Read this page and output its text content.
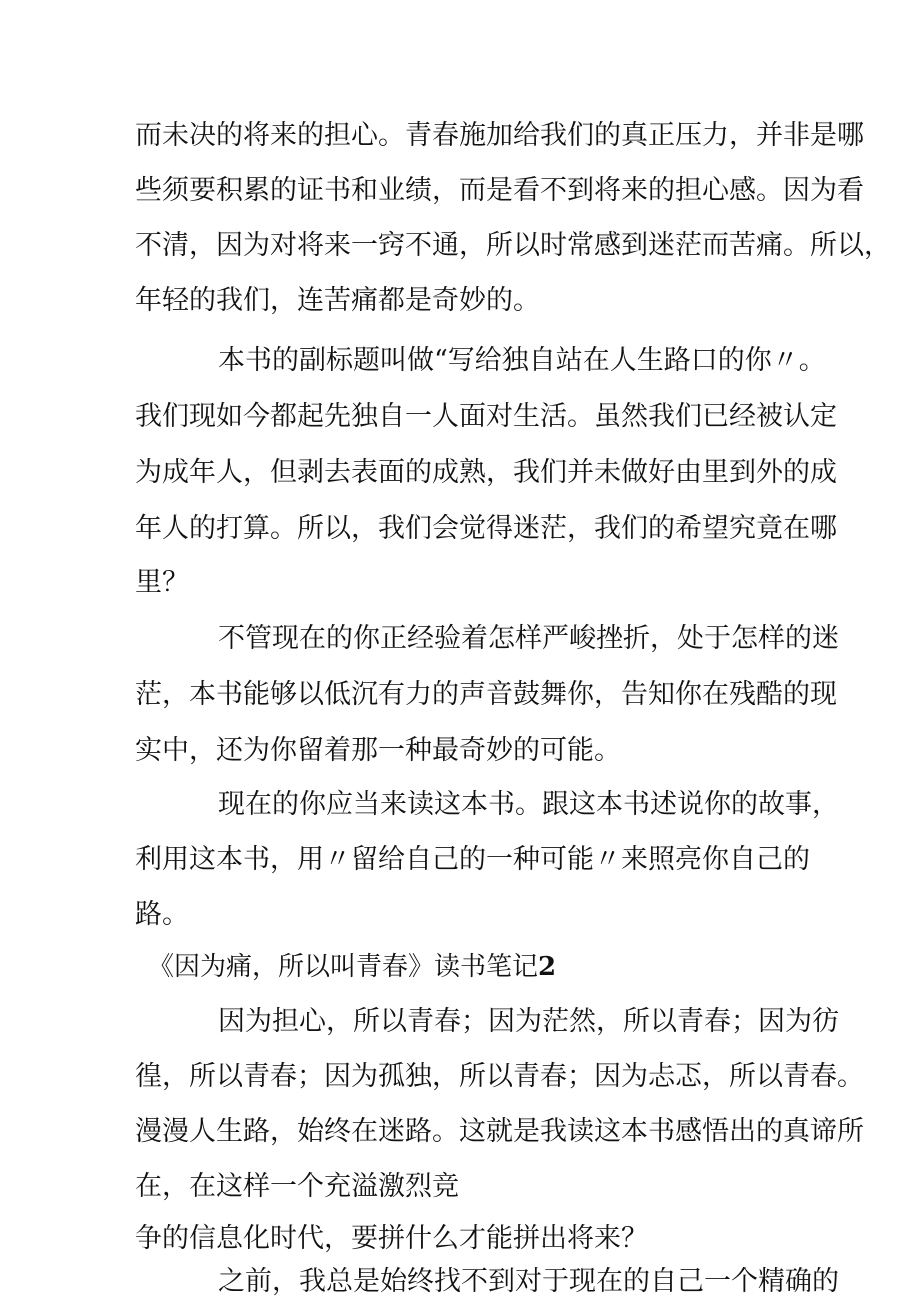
而未决的将来的担心。青春施加给我们的真正压力，并非是哪
些须要积累的证书和业绩，而是看不到将来的担心感。因为看
不清，因为对将来一窍不通，所以时常感到迷茫而苦痛。所以，
年轻的我们，连苦痛都是奇妙的。
本书的副标题叫做“写给独自站在人生路口的你〃。
我们现如今都起先独自一人面对生活。虽然我们已经被认定
为成年人，但剥去表面的成熟，我们并未做好由里到外的成
年人的打算。所以，我们会觉得迷茫，我们的希望究竟在哪
里？
不管现在的你正经验着怎样严峻挫折，处于怎样的迷
茫，本书能够以低沉有力的声音鼓舞你，告知你在残酷的现
实中，还为你留着那一种最奇妙的可能。
现在的你应当来读这本书。跟这本书述说你的故事，
利用这本书，用〃留给自己的一种可能〃来照亮你自己的
路。
《因为痛，所以叫青春》读书笔记2
因为担心，所以青春；因为茫然，所以青春；因为彷
徨，所以青春；因为孤独，所以青春；因为忐忑，所以青春。
漫漫人生路，始终在迷路。这就是我读这本书感悟出的真谛所
在，在这样一个充溢激烈竞
争的信息化时代，要拼什么才能拼出将来？
之前，我总是始终找不到对于现在的自己一个精确的
